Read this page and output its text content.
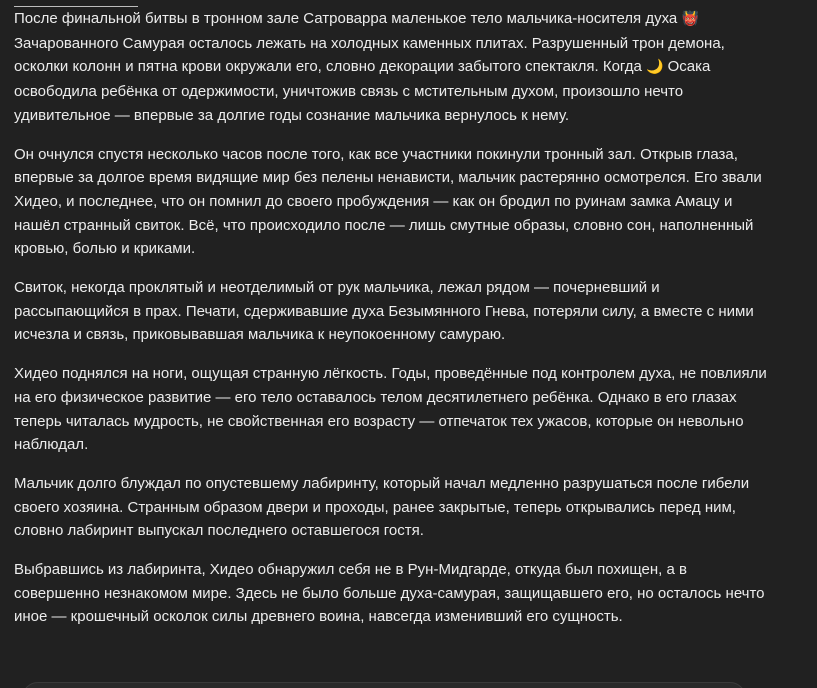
После финальной битвы в тронном зале Сатроварра маленькое тело мальчика-носителя духа 👹 Зачарованного Самурая осталось лежать на холодных каменных плитах. Разрушенный трон демона, осколки колонн и пятна крови окружали его, словно декорации забытого спектакля. Когда 🌙 Осака освободила ребёнка от одержимости, уничтожив связь с мстительным духом, произошло нечто удивительное — впервые за долгие годы сознание мальчика вернулось к нему.

Он очнулся спустя несколько часов после того, как все участники покинули тронный зал. Открыв глаза, впервые за долгое время видящие мир без пелены ненависти, мальчик растерянно осмотрелся. Его звали Хидео, и последнее, что он помнил до своего пробуждения — как он бродил по руинам замка Амацу и нашёл странный свиток. Всё, что происходило после — лишь смутные образы, словно сон, наполненный кровью, болью и криками.

Свиток, некогда проклятый и неотделимый от рук мальчика, лежал рядом — почерневший и рассыпающийся в прах. Печати, сдерживавшие духа Безымянного Гнева, потеряли силу, а вместе с ними исчезла и связь, приковывавшая мальчика к неупокоенному самураю.

Хидео поднялся на ноги, ощущая странную лёгкость. Годы, проведённые под контролем духа, не повлияли на его физическое развитие — его тело оставалось телом десятилетнего ребёнка. Однако в его глазах теперь читалась мудрость, не свойственная его возрасту — отпечаток тех ужасов, которые он невольно наблюдал.

Мальчик долго блуждал по опустевшему лабиринту, который начал медленно разрушаться после гибели своего хозяина. Странным образом двери и проходы, ранее закрытые, теперь открывались перед ним, словно лабиринт выпускал последнего оставшегося гостя.

Выбравшись из лабиринта, Хидео обнаружил себя не в Рун-Мидгарде, откуда был похищен, а в совершенно незнакомом мире. Здесь не было больше духа-самурая, защищавшего его, но осталось нечто иное — крошечный осколок силы древнего воина, навсегда изменивший его сущность.
